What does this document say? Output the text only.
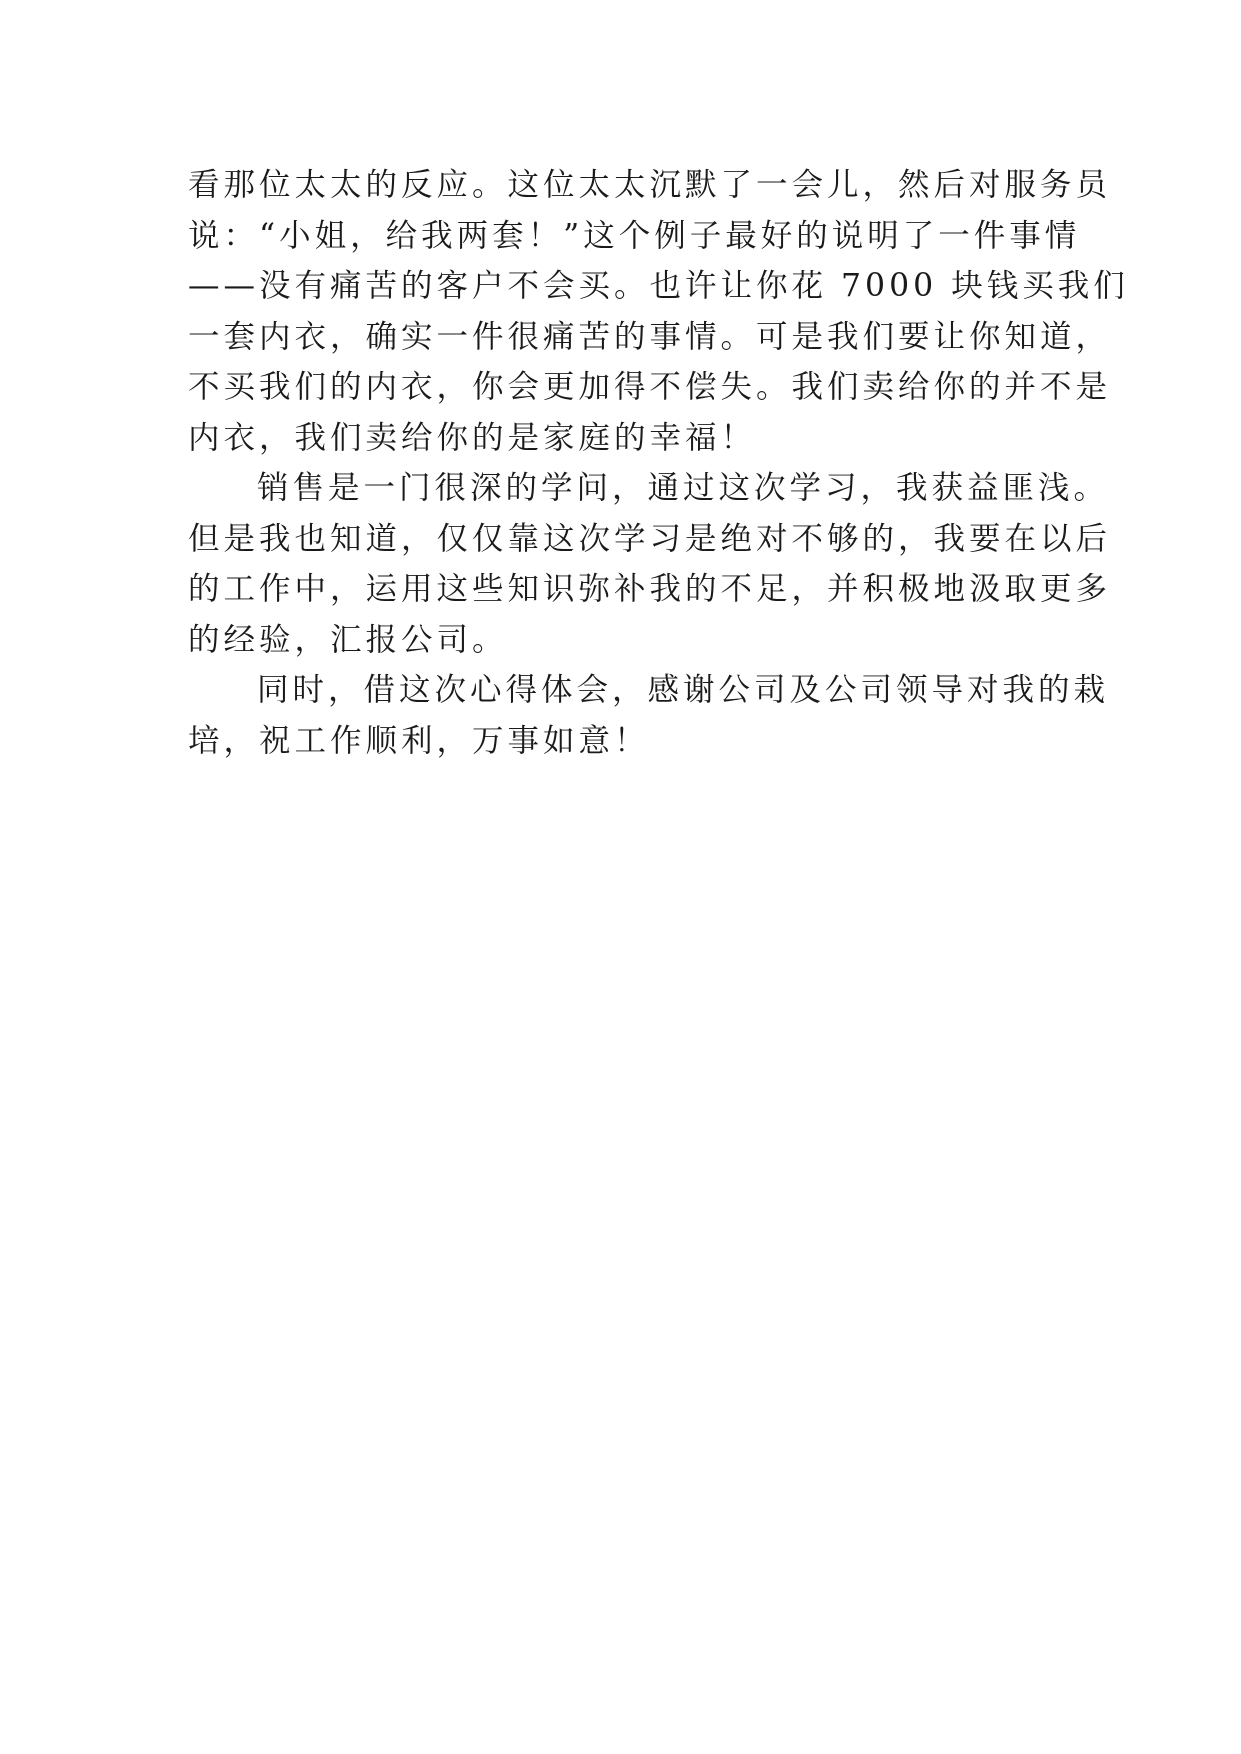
看那位太太的反应。这位太太沉默了一会儿，然后对服务员
说：“小姐，给我两套！”这个例子最好的说明了一件事情
——没有痛苦的客户不会买。也许让你花 7000 块钱买我们
一套内衣，确实一件很痛苦的事情。可是我们要让你知道，
不买我们的内衣，你会更加得不偿失。我们卖给你的并不是
内衣，我们卖给你的是家庭的幸福！
销售是一门很深的学问，通过这次学习，我获益匪浅。
但是我也知道，仅仅靠这次学习是绝对不够的，我要在以后
的工作中，运用这些知识弥补我的不足，并积极地汲取更多
的经验，汇报公司。
同时，借这次心得体会，感谢公司及公司领导对我的栽
培，祝工作顺利，万事如意！
